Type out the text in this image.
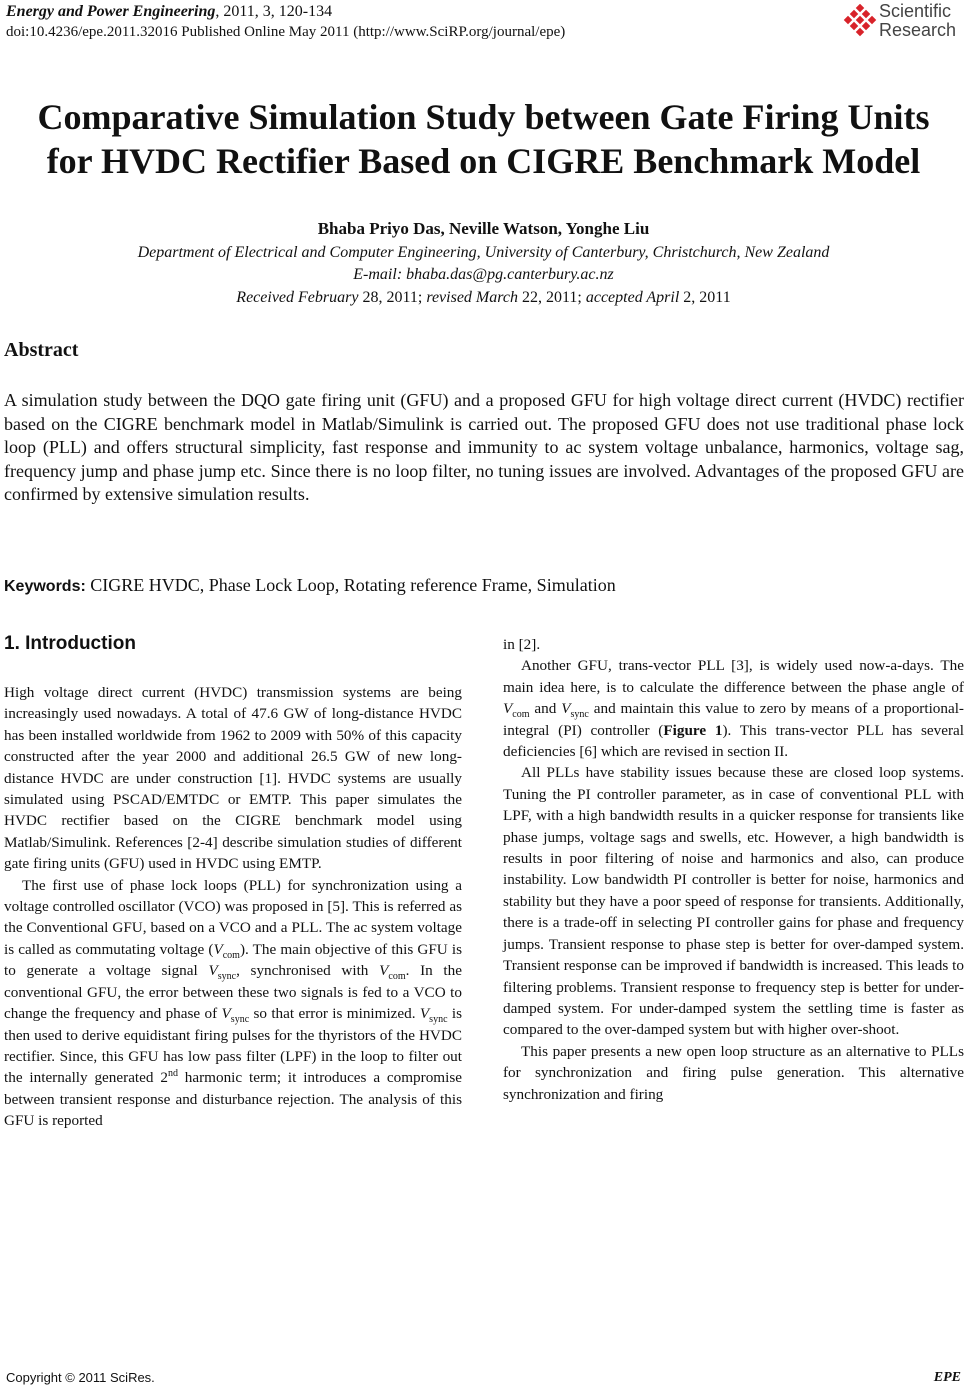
Energy and Power Engineering, 2011, 3, 120-134
doi:10.4236/epe.2011.32016 Published Online May 2011 (http://www.SciRP.org/journal/epe)
Scientific
Research
Comparative Simulation Study between Gate Firing Units
for HVDC Rectifier Based on CIGRE Benchmark Model
Bhaba Priyo Das, Neville Watson, Yonghe Liu
Department of Electrical and Computer Engineering, University of Canterbury, Christchurch, New Zealand
E-mail: bhaba.das@pg.canterbury.ac.nz
Received February 28, 2011; revised March 22, 2011; accepted April 2, 2011
Abstract
A simulation study between the DQO gate firing unit (GFU) and a proposed GFU for high voltage direct current (HVDC) rectifier based on the CIGRE benchmark model in Matlab/Simulink is carried out. The proposed GFU does not use traditional phase lock loop (PLL) and offers structural simplicity, fast response and immunity to ac system voltage unbalance, harmonics, voltage sag, frequency jump and phase jump etc. Since there is no loop filter, no tuning issues are involved. Advantages of the proposed GFU are confirmed by extensive simulation results.
Keywords: CIGRE HVDC, Phase Lock Loop, Rotating reference Frame, Simulation
1. Introduction

High voltage direct current (HVDC) transmission systems are being increasingly used nowadays. A total of 47.6 GW of long-distance HVDC has been installed worldwide from 1962 to 2009 with 50% of this capacity constructed after the year 2000 and additional 26.5 GW of new long-distance HVDC are under construction [1]. HVDC systems are usually simulated using PSCAD/EMTDC or EMTP. This paper simulates the HVDC rectifier based on the CIGRE benchmark model using Matlab/Simulink. References [2-4] describe simulation studies of different gate firing units (GFU) used in HVDC using EMTP.

The first use of phase lock loops (PLL) for synchronization using a voltage controlled oscillator (VCO) was proposed in [5]. This is referred as the Conventional GFU, based on a VCO and a PLL. The ac system voltage is called as commutating voltage $(V_{com})$. The main objective of this GFU is to generate a voltage signal $V_{sync}$, synchronised with $V_{com}$. In the conventional GFU, the error between these two signals is fed to a VCO to change the frequency and phase of $V_{sync}$ so that error is minimized. $V_{sync}$ is then used to derive equidistant firing pulses for the thyristors of the HVDC rectifier. Since, this GFU has low pass filter (LPF) in the loop to filter out the internally generated 2nd harmonic term; it introduces a compromise between transient response and disturbance rejection. The analysis of this GFU is reported

in [2].

Another GFU, trans-vector PLL [3], is widely used now-a-days. The main idea here, is to calculate the difference between the phase angle of $V_{com}$ and $V_{sync}$ and maintain this value to zero by means of a proportional-integral (PI) controller (Figure 1). This trans-vector PLL has several deficiencies [6] which are revised in section II.

All PLLs have stability issues because these are closed loop systems. Tuning the PI controller parameter, as in case of conventional PLL with LPF, with a high bandwidth results in a quicker response for transients like phase jumps, voltage sags and swells, etc. However, a high bandwidth is results in poor filtering of noise and harmonics and also, can produce instability. Low bandwidth PI controller is better for noise, harmonics and stability but they have a poor speed of response for transients. Additionally, there is a trade-off in selecting PI controller gains for phase and frequency jumps. Transient response to phase step is better for over-damped system. Transient response can be improved if bandwidth is increased. This leads to filtering problems. Transient response to frequency step is better for under-damped system. For under-damped system the settling time is faster as compared to the over-damped system but with higher over-shoot.

This paper presents a new open loop structure as an alternative to PLLs for synchronization and firing pulse generation. This alternative synchronization and firing

Copyright © 2011 SciRes.	EPE
